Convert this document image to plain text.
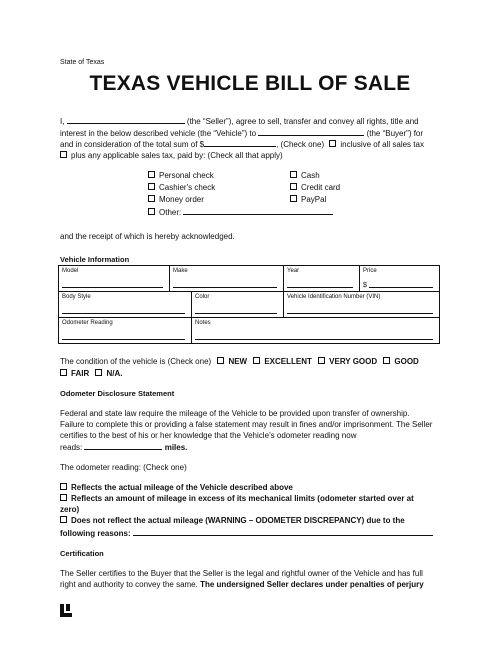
State of Texas
TEXAS VEHICLE BILL OF SALE
I,	(the “Seller”), agree to sell, transfer and convey all rights, title and
interest in the below described vehicle (the “Vehicle”) to	(the “Buyer”) for
and in consideration of the total sum of $	, (Check one) inclusive of all sales tax
plus any applicable sales tax, paid by: (Check all that apply)
Personal check
Cashier's check
Money order
Other:
Cash
Credit card
PayPal
and the receipt of which is hereby acknowledged.
Vehicle Information
Model	Make		Year	Price
$

Body Style		Color	Vehicle Identification Number (VIN)	

Odometer Reading		Notes		
The condition of the vehicle is (Check one) NEW EXCELLENT VERY GOOD GOOD
FAIR N/A.
Odometer Disclosure Statement
Federal and state law require the mileage of the Vehicle to be provided upon transfer of ownership.
Failure to complete this or providing a false statement may result in fines and/or imprisonment. The Seller
certifies to the best of his or her knowledge that the Vehicle’s odometer reading now
reads:	miles.
The odometer reading: (Check one)
Reflects the actual mileage of the Vehicle described above
Reflects an amount of mileage in excess of its mechanical limits (odometer started over at
zero)
Does not reflect the actual mileage (WARNING – ODOMETER DISCREPANCY) due to the
following reasons:
Certification
The Seller certifies to the Buyer that the Seller is the legal and rightful owner of the Vehicle and has full
right and authority to convey the same. The undersigned Seller declares under penalties of perjury
